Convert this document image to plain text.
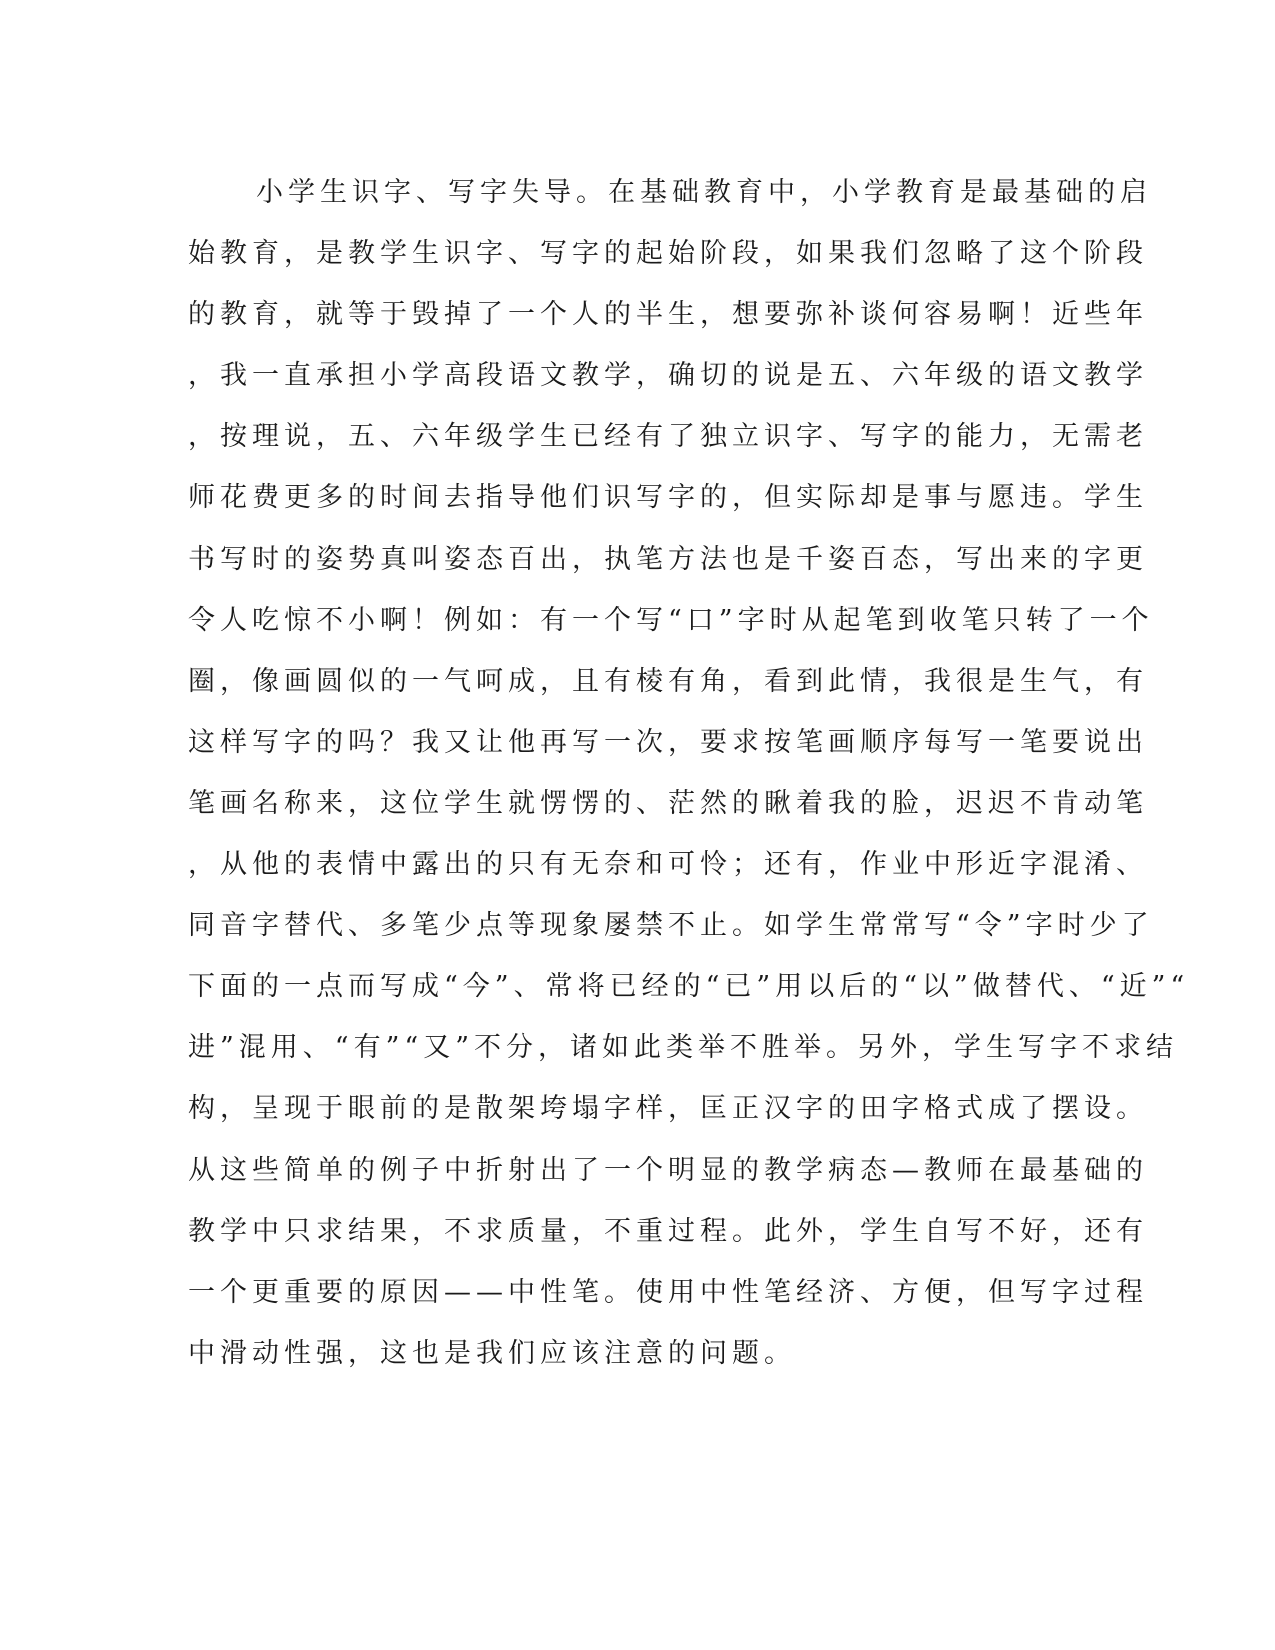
小学生识字、写字失导。在基础教育中，小学教育是最基础的启
始教育，是教学生识字、写字的起始阶段，如果我们忽略了这个阶段
的教育，就等于毁掉了一个人的半生，想要弥补谈何容易啊！近些年
，我一直承担小学高段语文教学，确切的说是五、六年级的语文教学
，按理说，五、六年级学生已经有了独立识字、写字的能力，无需老
师花费更多的时间去指导他们识写字的，但实际却是事与愿违。学生
书写时的姿势真叫姿态百出，执笔方法也是千姿百态，写出来的字更
令人吃惊不小啊！例如：有一个写“口”字时从起笔到收笔只转了一个
圈，像画圆似的一气呵成，且有棱有角，看到此情，我很是生气，有
这样写字的吗？我又让他再写一次，要求按笔画顺序每写一笔要说出
笔画名称来，这位学生就愣愣的、茫然的瞅着我的脸，迟迟不肯动笔
，从他的表情中露出的只有无奈和可怜；还有，作业中形近字混淆、
同音字替代、多笔少点等现象屡禁不止。如学生常常写“令”字时少了
下面的一点而写成“今”、常将已经的“已”用以后的“以”做替代、“近”“
进”混用、“有”“又”不分，诸如此类举不胜举。另外，学生写字不求结
构，呈现于眼前的是散架垮塌字样，匡正汉字的田字格式成了摆设。
从这些简单的例子中折射出了一个明显的教学病态—教师在最基础的
教学中只求结果，不求质量，不重过程。此外，学生自写不好，还有
一个更重要的原因——中性笔。使用中性笔经济、方便，但写字过程
中滑动性强，这也是我们应该注意的问题。
